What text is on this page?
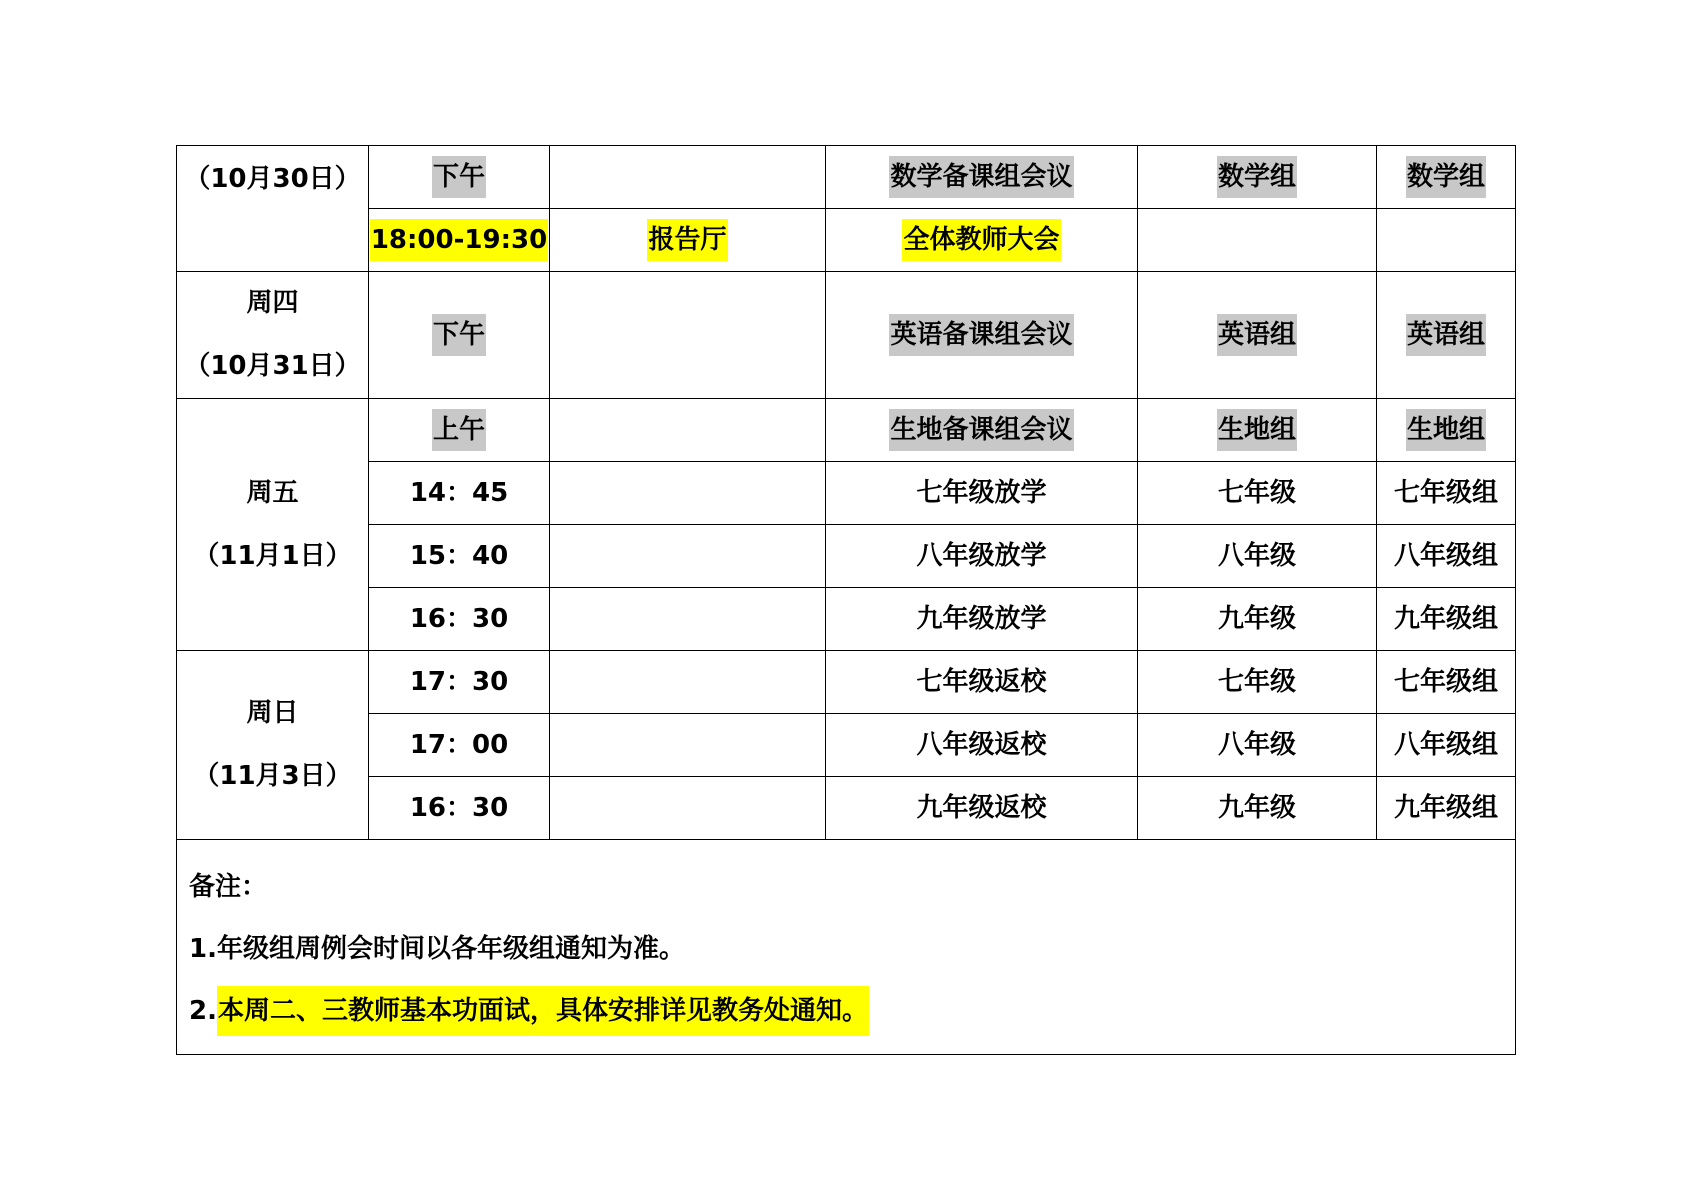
（10月30日）	下午		数学备课组会议	数学组	数学组
	18:00-19:30	报告厅	全体教师大会		

周四
（10月31日）	下午		英语备课组会议	英语组	英语组

周五
（11月1日）	上午		生地备课组会议	生地组	生地组
	14：45		七年级放学	七年级	七年级组
	15：40		八年级放学	八年级	八年级组
	16：30		九年级放学	九年级	九年级组

周日
（11月3日）	17：30		七年级返校	七年级	七年级组
	17：00		八年级返校	八年级	八年级组
	16：30		九年级返校	九年级	九年级组

备注：
1.年级组周例会时间以各年级组通知为准。
2.本周二、三教师基本功面试，具体安排详见教务处通知。					
